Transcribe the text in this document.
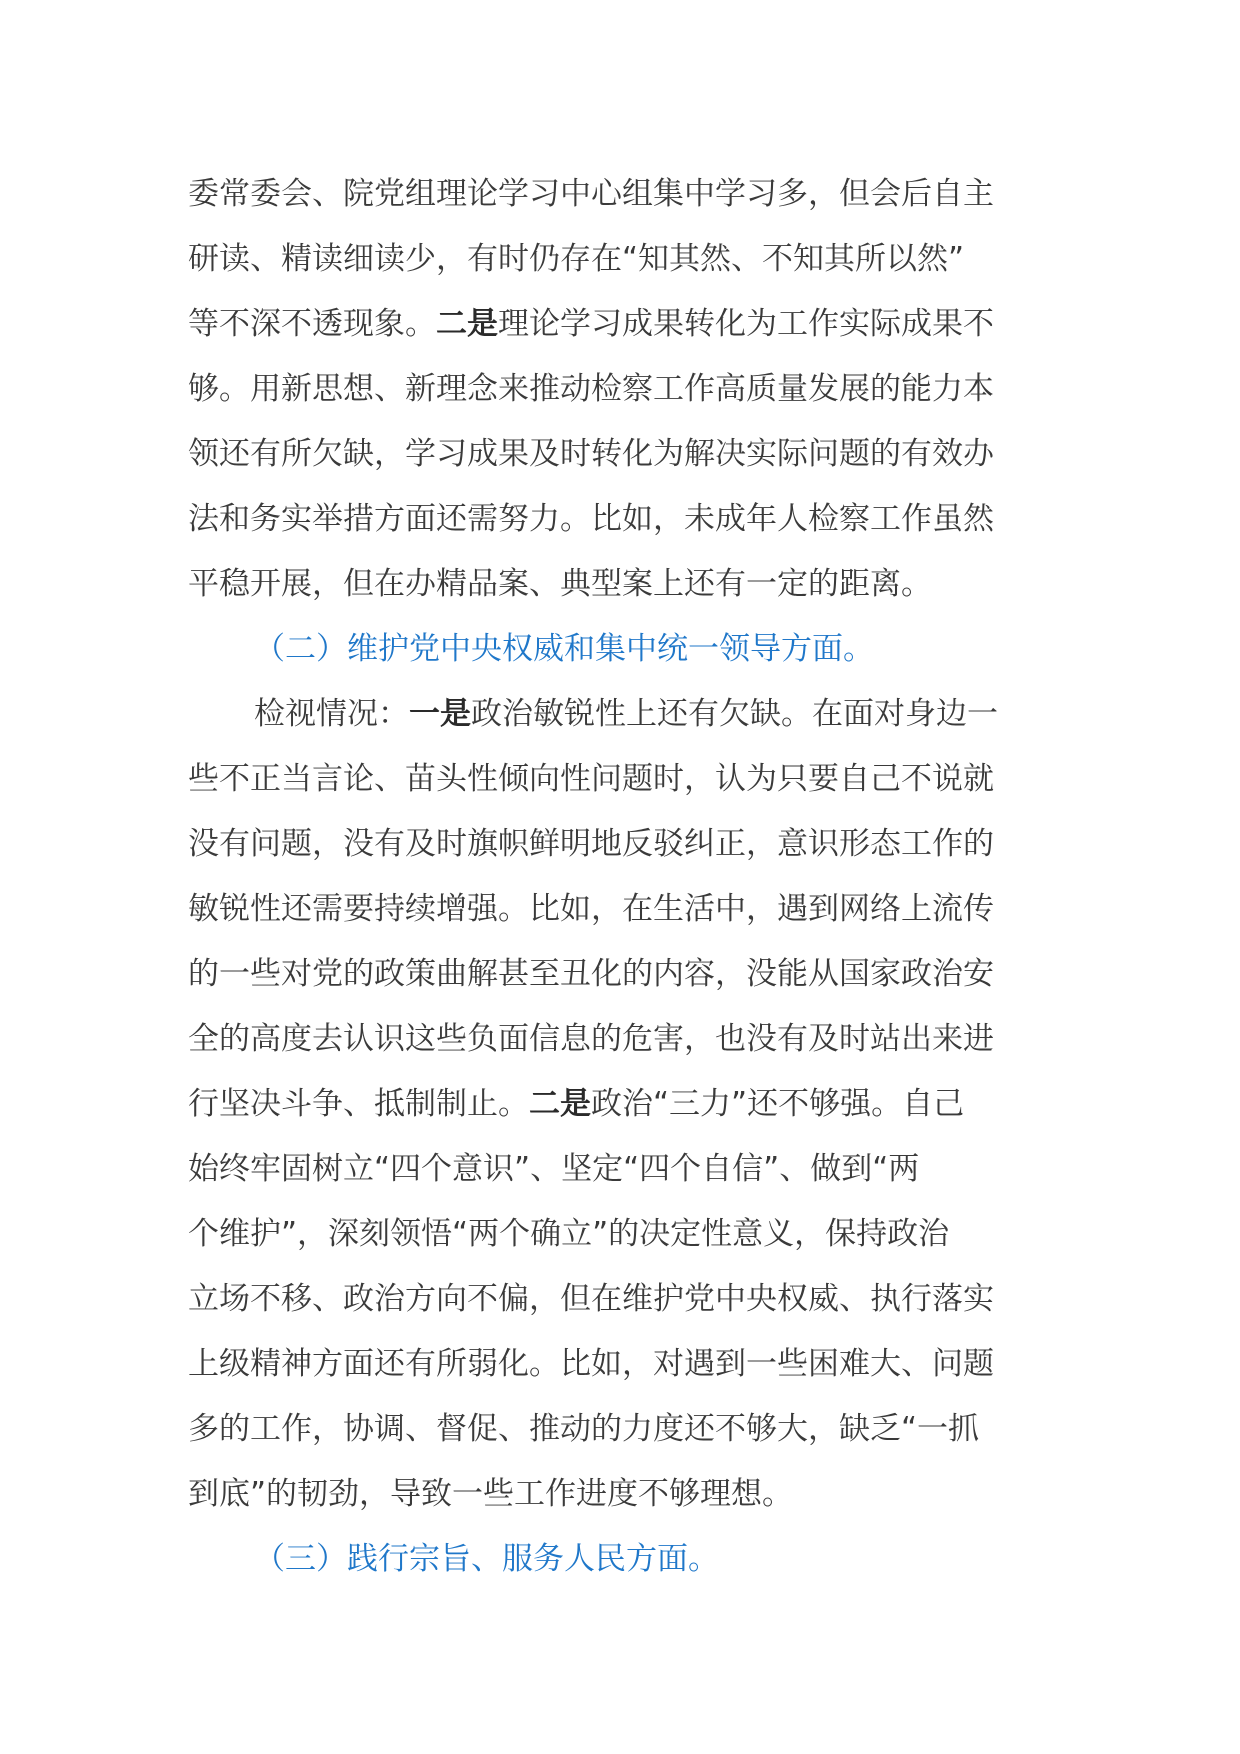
委常委会、院党组理论学习中心组集中学习多，但会后自主
研读、精读细读少，有时仍存在“知其然、不知其所以然”
等不深不透现象。二是理论学习成果转化为工作实际成果不
够。用新思想、新理念来推动检察工作高质量发展的能力本
领还有所欠缺，学习成果及时转化为解决实际问题的有效办
法和务实举措方面还需努力。比如，未成年人检察工作虽然
平稳开展，但在办精品案、典型案上还有一定的距离。
（二）维护党中央权威和集中统一领导方面。
检视情况：一是政治敏锐性上还有欠缺。在面对身边一
些不正当言论、苗头性倾向性问题时，认为只要自己不说就
没有问题，没有及时旗帜鲜明地反驳纠正，意识形态工作的
敏锐性还需要持续增强。比如，在生活中，遇到网络上流传
的一些对党的政策曲解甚至丑化的内容，没能从国家政治安
全的高度去认识这些负面信息的危害，也没有及时站出来进
行坚决斗争、抵制制止。二是政治“三力”还不够强。自己
始终牢固树立“四个意识”、坚定“四个自信”、做到“两
个维护”，深刻领悟“两个确立”的决定性意义，保持政治
立场不移、政治方向不偏，但在维护党中央权威、执行落实
上级精神方面还有所弱化。比如，对遇到一些困难大、问题
多的工作，协调、督促、推动的力度还不够大，缺乏“一抓
到底”的韧劲，导致一些工作进度不够理想。
（三）践行宗旨、服务人民方面。
